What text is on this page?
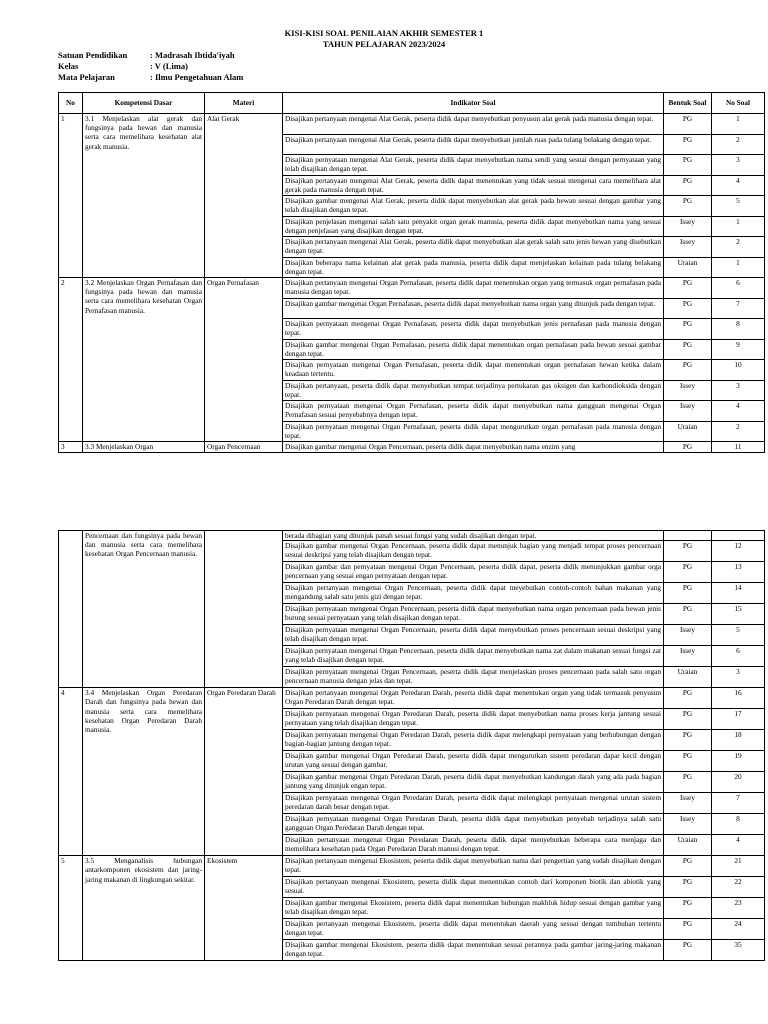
KISI-KISI SOAL PENILAIAN AKHIR SEMESTER 1
TAHUN PELAJARAN 2023/2024
Satuan Pendidikan	: Madrasah Ibtida'iyah
Kelas	: V (Lima)
Mata Pelajaran	: Ilmu Pengetahuan Alam
No	Kompetensi Dasar	Materi	Indikator Soal	Bentuk Soal	No Soal
1	3.1 Menjelaskan alat gerak dan fungsinya pada hewan dan manusia serta cara memelihara kesehatan alat gerak manusia.	Alat Gerak	Disajikan pertanyaan mengenai Alat Gerak, peserta didik dapat menyebutkan penyusun alat gerak pada manusia dengan tepat.	PG	1
			Disajikan pertanyaan mengenai Alat Gerak, peserta didik dapat menyebutkan jumlah ruas pada tulang belakang dengan tepat.	PG	2
			Disajikan pernyataan mengenai Alat Gerak, peserta didik dapat menyebutkan nama sendi yang sesuai dengan pernyataan yang telah disajikan dengan tepat.	PG	3
			Disajikan pertanyaan mengenai Alat Gerak, peserta didik dapat menentukan yang tidak sesuai mengenai cara memelihara alat gerak pada manusia dengan tepat.	PG	4
			Disajikan gambar mengenai Alat Gerak, peserta didik dapat menyebutkan alat gerak pada hewan sesuai dengan gambar yang telah disajikan dengan tepat.	PG	5
			Disajikan penjelasan mengenai salah satu penyakit organ gerak manusia, peserta didik dapat menyebutkan nama yang sesuai dengan penjelasan yang disajikan dengan tepat.	Issey	1
			Disajikan pertanyaan mengenai Alat Gerak, peserta didik dapat menyebutkan alat gerak salah satu jenis hewan yang disebutkan dengan tepat.	Issey	2
			Disajikan beberapa nama kelainan alat gerak pada manusia, peserta didik dapat menjelaskan kelainan pada tulang belakang dengan tepat.	Uraian	1
2	3.2 Menjelaskan Organ Pernafasan dan fungsinya pada hewan dan manusia serta cara memelihara kesehatan Organ Pernafasan manusia.	Organ Pernafasan	Disajikan pertanyaan mengenai Organ Pernafasan, peserta didik dapat menentukan organ yang termasuk organ pernafasan pada manusia dengan tepat.	PG	6
			Disajikan gambar mengenai Organ Pernafasan, peserta didik dapat menyebutkan nama organ yang ditunjuk pada dengan tepat.	PG	7
			Disajikan pernyataan mengenai Organ Pernafasan, peserta didik dapat menyebutkan jenis pernafasan pada manusia dengan tepat.	PG	8
			Disajikan gambar mengenai Organ Pernafasan, peserta didik dapat menentukan organ pernafasan pada hewan sesuai gambar dengan tepat.	PG	9
			Disajikan pernyataan mengenai Organ Pernafasan, peserta didik dapat menentukan organ pernafasan hewan ketika dalam keadaan tertentu.	PG	10
			Disajikan pertanyaan, peserta didik dapat menyebutkan tempat terjadinya pertukaran gas oksigen dan karbondioksida dengan tepat.	Issey	3
			Disajikan pernyataan mengenai Organ Pernafasan, peserta didik dapat menyebutkan nama gangguan mengenai Organ Pernafasan sesuai penyebabnya dengan tepat.	Issey	4
			Disajikan pernyataan mengenai Organ Pernafasan, peserta didik dapat mengurutkan organ pernafasan pada manusia dengan tepat.	Uraian	2
3	3.3 Menjelaskan Organ	Organ Pencernaan	Disajikan gambar mengenai Organ Pencernaan, peserta didik dapat menyebutkan nama enzim yang	PG	11
	Pencernaan dan fungsinya pada hewan dan manusia serta cara memelihara kesehatan Organ Pencernaan manusia.		berada dibagian yang ditunjuk panah sesuai fungsi yang sudah disajikan dengan tepat.		
			Disajikan gambar mengenai Organ Pencernaan, peserta didik dapat menunjuk bagian yang menjadi tempat proses pencernaan sesuai deskripsi yang telah disajikan dengan tepat.	PG	12
			Disajikan gambar dan pernyataan mengenai Organ Pencernaan, peserta didik dapat, peserta didik menunjukkan gambar orga pencernaan yang sesuai engan pernyataan dengan tepat.	PG	13
			Disajikan pertanyaan mengenai Organ Pencernaan, peserta didik dapat meyebutkan contoh-contoh bahan makanan yang mengandung salah satu jenis gizi dengan tepat.	PG	14
			Disajikan pernyataan mengenai Organ Pencernaan, peserta didik dapat menyebutkan nama organ pencernaan pada hewan jenis burung sesuai pernyataan yang telah disajikan dengan tepat.	PG	15
			Disajikan pernyataan mengenai Organ Pencernaan, peserta didik dapat menyebutkan proses pencernaan sesuai deskripsi yang telah disajikan dengan tepat.	Issey	5
			Disajikan pernyataan mengenai Organ Pencernaan, peserta didik dapat menyebutkan nama zat dalam makanan sesuai fungsi zat yang telah disajikan dengan tepat.	Issey	6
			Disajikan pernyataan mengenai Organ Pencernaan, peserta didik dapat menjelaskan proses pencernaan pada salah satu organ pencernaan manusia dengan jelas dan tepat.	Uraian	3
4	3.4 Menjelaskan Organ Peredaran Darah dan fungsinya pada hewan dan manusia serta cara memelihara kesehatan Organ Peredaran Darah manusia.	Organ Peredaran Darah	Disajikan pertanyaan mengenai Organ Peredaran Darah, peserta didik dapat menentukan organ yang tidak termasuk penyusun Organ Peredaran Darah dengan tepat.	PG	16
			Disajikan pernyataan mengenai Organ Peredaran Darah, peserta didik dapat menyebutkan nama proses kerja jantung sesuai pernyataan yang telah disajikan dengan tepat.	PG	17
			Disajikan pernyataan mengenai Organ Peredaran Darah, peserta didik dapat melengkapi pernyataan yang berhubungan dengan bagian-bagian jantung dengan tepat.	PG	18
			Disajikan gambar mengenai Organ Peredaran Darah, peserta didik dapat mengurutkan sistem peredaran dapar kecil dengan urutan yang sesuai dengan gambar.	PG	19
			Disajikan gambar mengenai Organ Peredaran Darah, peserta didik dapat menyebutkan kandungan darah yang ada pada bagian jantung yang ditunjuk engan tepat.	PG	20
			Disajikan pernyataan mengenai Organ Peredaran Darah, peserta didik dapat melengkapi pernyataan mengenai urutan sistem peredaran darah besar dengan tepat.	Issey	7
			Disajikan pernyataan mengenai Organ Peredaran Darah, peserta didik dapat menyebutkan penyebab terjadinya salah satu gangguan Organ Peredaran Darah dengan tepat.	Issey	8
			Disajikan pertanyaan mengenai Organ Peredaran Darah, peserta didik dapat menyebutkan beberapa cara menjaga dan memelihara kesehatan pada Organ Peredaran Darah manusi dengan tepat.	Uraian	4
5	3.5 Menganalisis hubungan antarkomponen ekosistem dan jaring-jaring makanan di lingkungan sekitar.	Ekosistem	Disajikan pertanyaan mengenai Ekosistem, peserta didik dapat menyebutkan nama dari pengertian yang sudah disajikan dengan tepat.	PG	21
			Disajikan pertanyaan mengenai Ekosistem, peserta didik dapat menentukan contoh dari komponen biotik dan abiotik yang sesuai.	PG	22
			Disajikan gambar mengenai Ekosistem, peserta didik dapat menentukan hubungan makhluk hidup sesuai dengan gambar yang telah disajikan dengan tepat.	PG	23
			Disajikan pertanyaan mengenai Ekosistem, peserta didik dapat menentukan daerah yang sesuai dengan tumbuhan tertentu dengan tepat.	PG	24
			Disajikan gambar mengenai Ekosistem, peserta didik dapat menentukan sesuai perannya pada gambar jaring-jaring makanan dengan tepat.	PG	35
